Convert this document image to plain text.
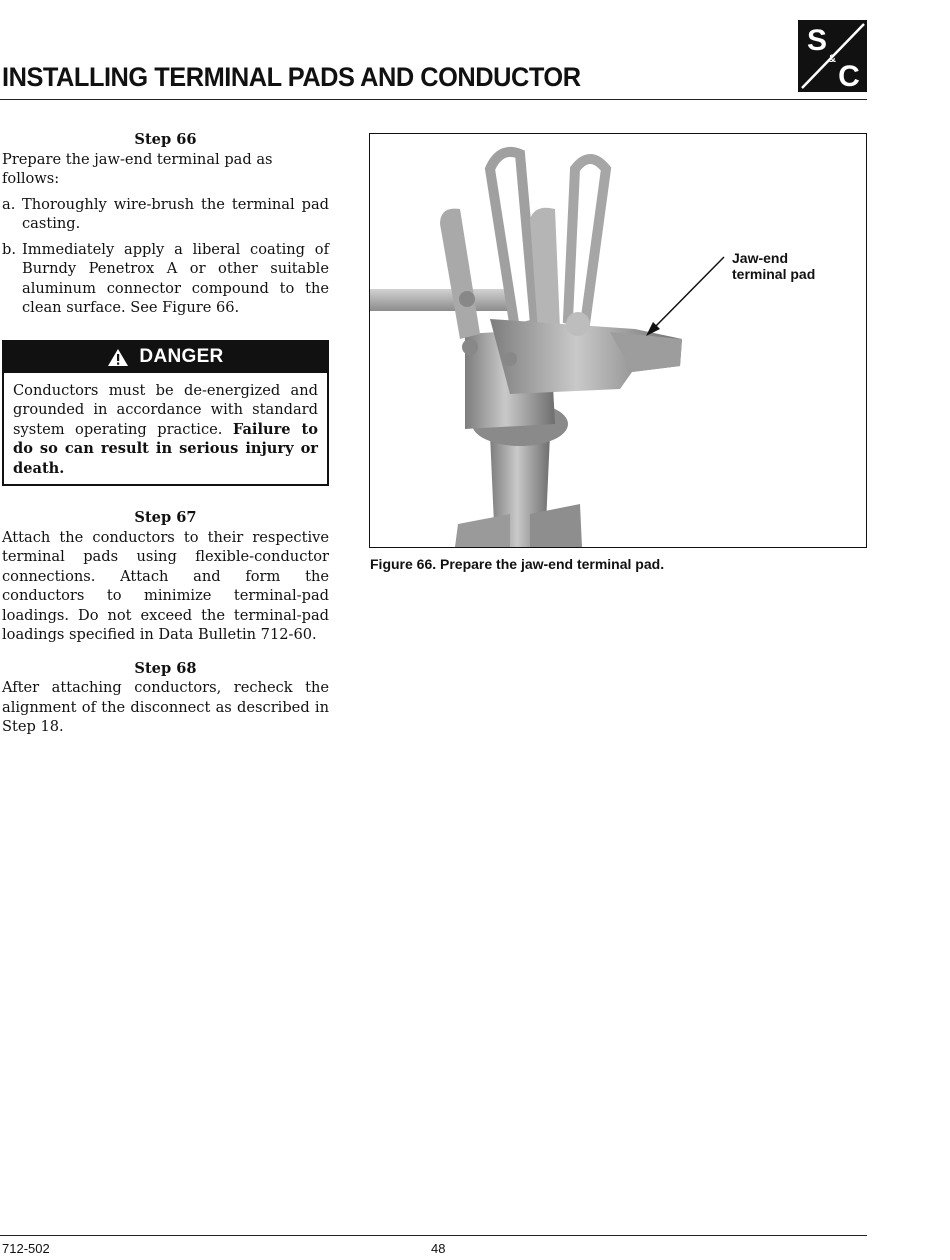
INSTALLING TERMINAL PADS AND CONDUCTOR
S
&
C

Step 66

Prepare the jaw-end terminal pad as follows:

a. Thoroughly wire-brush the terminal pad casting.
b. Immediately apply a liberal coating of Burndy Penetrox A or other suitable aluminum connector compound to the clean surface. See Figure 66.
DANGER
Conductors must be de-energized and grounded in accordance with standard system operating practice. Failure to do so can result in serious injury or death.

Step 67

Attach the conductors to their respective terminal pads using flexible-conductor connections. Attach and form the conductors to minimize terminal-pad loadings. Do not exceed the terminal-pad loadings specified in Data Bulletin 712-60.

Step 68

After attaching conductors, recheck the alignment of the disconnect as described in Step 18.

Jaw-end
terminal pad
Figure 66. Prepare the jaw-end terminal pad.
712-502	48
